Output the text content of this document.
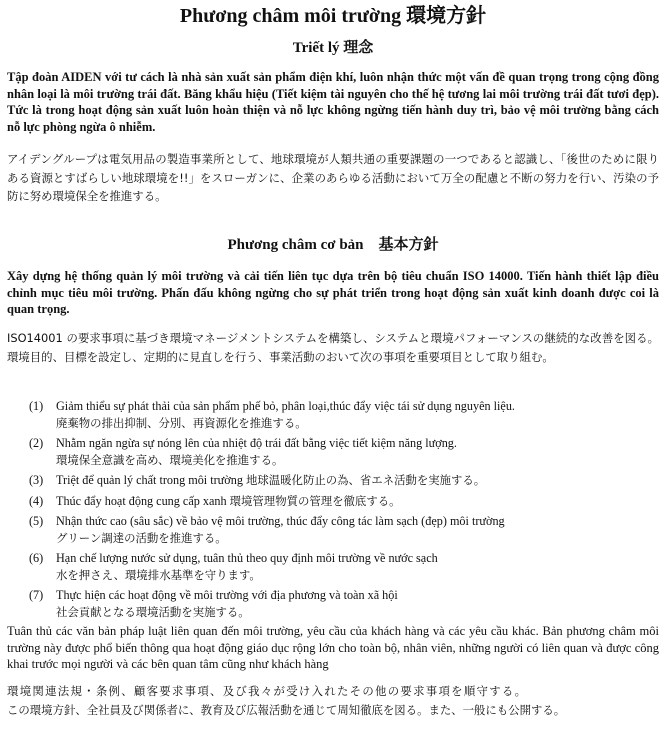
Phương châm môi trường 環境方針
Triết lý 理念

Tập đoàn AIDEN với tư cách là nhà sản xuất sản phẩm điện khí, luôn nhận thức một vấn đề quan trọng trong cộng đồng nhân loại là môi trường trái đất. Băng khẩu hiệu (Tiết kiệm tài nguyên cho thế hệ tương lai môi trường trái đất tươi đẹp). Tức là trong hoạt động sản xuất luôn hoàn thiện và nỗ lực không ngừng tiến hành duy trì, bảo vệ môi trường bằng cách nỗ lực phòng ngừa ô nhiễm.

アイデングループは電気用品の製造事業所として、地球環境が人類共通の重要課題の一つであると認識し、「後世のために限りある資源とすばらしい地球環境を!!」をスローガンに、企業のあらゆる活動において万全の配慮と不断の努力を行い、汚染の予防に努め環境保全を推進する。

Phương châm cơ bản 基本方針

Xây dựng hệ thống quản lý môi trường và cải tiến liên tục dựa trên bộ tiêu chuẩn ISO 14000. Tiến hành thiết lập điều chỉnh mục tiêu môi trường. Phấn đấu không ngừng cho sự phát triển trong hoạt động sản xuất kinh doanh được coi là quan trọng.

ISO14001 の要求事項に基づき環境マネージメントシステムを構築し、システムと環境パフォーマンスの継続的な改善を図る。環境目的、目標を設定し、定期的に見直しを行う、事業活動のおいて次の事項を重要項目として取り組む。

(1) Giảm thiểu sự phát thải của sản phẩm phế bỏ, phân loại,thúc đẩy việc tái sử dụng nguyên liệu.
廃棄物の排出抑制、分別、再資源化を推進する。
(2) Nhằm ngăn ngừa sự nóng lên của nhiệt độ trái đất bằng việc tiết kiệm năng lượng.
環境保全意識を高め、環境美化を推進する。
(3) Triệt để quản lý chất trong môi trường 地球温暖化防止の為、省エネ活動を実施する。
(4) Thúc đẩy hoạt động cung cấp xanh 環境管理物質の管理を徹底する。
(5) Nhận thức cao (sâu sắc) về bảo vệ môi trường, thúc đẩy công tác làm sạch (đẹp) môi trường
グリーン調達の活動を推進する。
(6) Hạn chế lượng nước sử dụng, tuân thủ theo quy định môi trường về nước sạch
水を押さえ、環境排水基準を守ります。
(7) Thực hiện các hoạt động về môi trường với địa phương và toàn xã hội
社会貢献となる環境活動を実施する。

Tuân thủ các văn bản pháp luật liên quan đến môi trường, yêu cầu của khách hàng và các yêu cầu khác. Bản phương châm môi trường này được phổ biến thông qua hoạt động giáo dục rộng lớn cho toàn bộ, nhân viên, những người có liên quan và được công khai trước mọi người và các bên quan tâm cũng như khách hàng

環境関連法規・条例、顧客要求事項、及び我々が受け入れたその他の要求事項を順守する。

この環境方針、全社員及び関係者に、教育及び広報活動を通じて周知徹底を図る。また、一般にも公開する。
